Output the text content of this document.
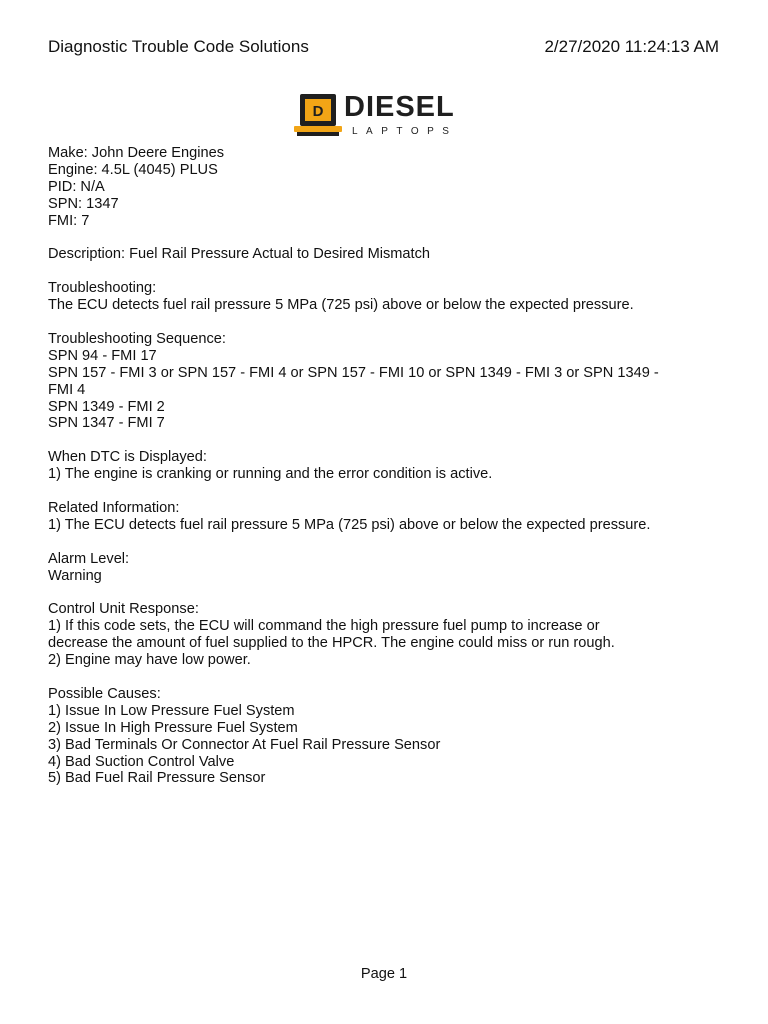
Diagnostic Trouble Code Solutions	2/27/2020 11:24:13 AM
D DIESEL
LAPTOPS
Make: John Deere Engines
Engine: 4.5L (4045) PLUS
PID: N/A
SPN: 1347
FMI: 7
Description: Fuel Rail Pressure Actual to Desired Mismatch
Troubleshooting:
The ECU detects fuel rail pressure 5 MPa (725 psi) above or below the expected pressure.
Troubleshooting Sequence:
SPN 94 - FMI 17
SPN 157 - FMI 3 or SPN 157 - FMI 4 or SPN 157 - FMI 10 or SPN 1349 - FMI 3 or SPN 1349 -
FMI 4
SPN 1349 - FMI 2
SPN 1347 - FMI 7
When DTC is Displayed:
1) The engine is cranking or running and the error condition is active.
Related Information:
1) The ECU detects fuel rail pressure 5 MPa (725 psi) above or below the expected pressure.
Alarm Level:
Warning
Control Unit Response:
1) If this code sets, the ECU will command the high pressure fuel pump to increase or
decrease the amount of fuel supplied to the HPCR. The engine could miss or run rough.
2) Engine may have low power.
Possible Causes:
1) Issue In Low Pressure Fuel System
2) Issue In High Pressure Fuel System
3) Bad Terminals Or Connector At Fuel Rail Pressure Sensor
4) Bad Suction Control Valve
5) Bad Fuel Rail Pressure Sensor
Page 1
